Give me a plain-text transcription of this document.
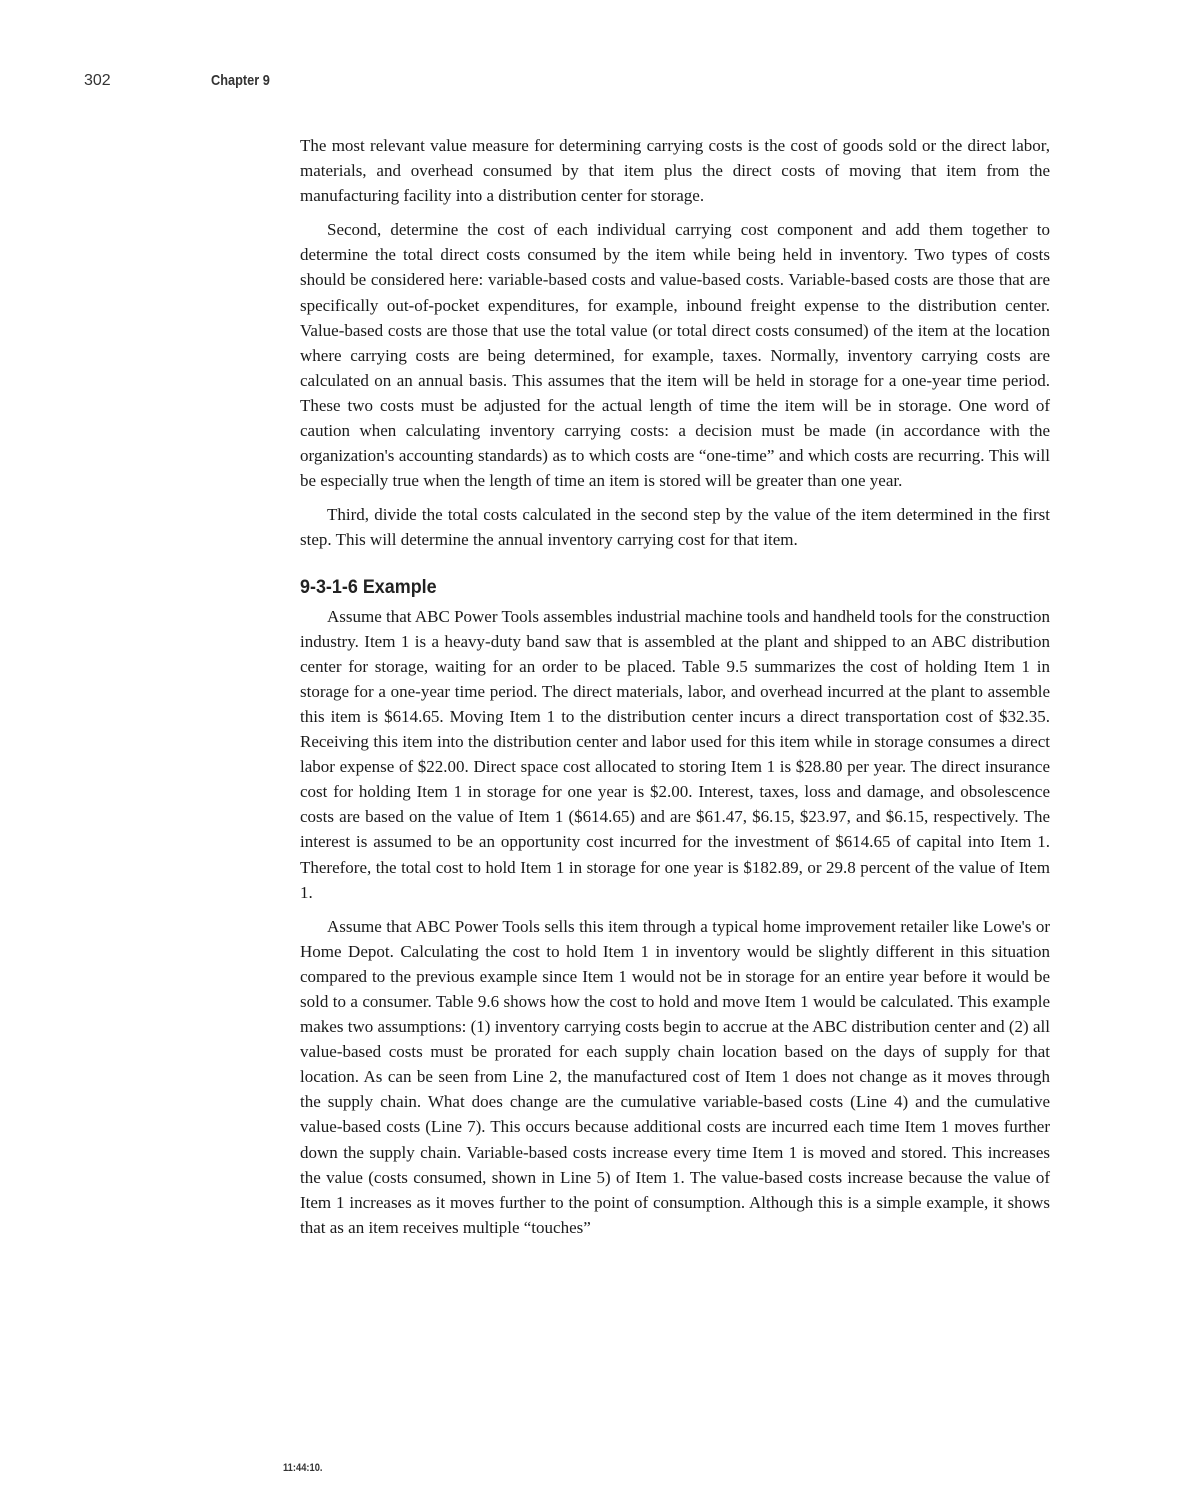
302	Chapter 9

The most relevant value measure for determining carrying costs is the cost of goods sold or the direct labor, materials, and overhead consumed by that item plus the direct costs of moving that item from the manufacturing facility into a distribution center for storage.

Second, determine the cost of each individual carrying cost component and add them together to determine the total direct costs consumed by the item while being held in inventory. Two types of costs should be considered here: variable-based costs and value-based costs. Variable-based costs are those that are specifically out-of-pocket expenditures, for example, inbound freight expense to the distribution center. Value-based costs are those that use the total value (or total direct costs consumed) of the item at the location where carrying costs are being determined, for example, taxes. Normally, inventory carrying costs are calculated on an annual basis. This assumes that the item will be held in storage for a one-year time period. These two costs must be adjusted for the actual length of time the item will be in storage. One word of caution when calculating inventory carrying costs: a decision must be made (in accordance with the organization's accounting standards) as to which costs are “one-time” and which costs are recurring. This will be especially true when the length of time an item is stored will be greater than one year.

Third, divide the total costs calculated in the second step by the value of the item determined in the first step. This will determine the annual inventory carrying cost for that item.

9-3-1-6 Example

Assume that ABC Power Tools assembles industrial machine tools and handheld tools for the construction industry. Item 1 is a heavy-duty band saw that is assembled at the plant and shipped to an ABC distribution center for storage, waiting for an order to be placed. Table 9.5 summarizes the cost of holding Item 1 in storage for a one-year time period. The direct materials, labor, and overhead incurred at the plant to assemble this item is $614.65. Moving Item 1 to the distribution center incurs a direct transportation cost of $32.35. Receiving this item into the distribution center and labor used for this item while in storage consumes a direct labor expense of $22.00. Direct space cost allocated to storing Item 1 is $28.80 per year. The direct insurance cost for holding Item 1 in storage for one year is $2.00. Interest, taxes, loss and damage, and obsolescence costs are based on the value of Item 1 ($614.65) and are $61.47, $6.15, $23.97, and $6.15, respectively. The interest is assumed to be an opportunity cost incurred for the investment of $614.65 of capital into Item 1. Therefore, the total cost to hold Item 1 in storage for one year is $182.89, or 29.8 percent of the value of Item 1.

Assume that ABC Power Tools sells this item through a typical home improvement retailer like Lowe's or Home Depot. Calculating the cost to hold Item 1 in inventory would be slightly different in this situation compared to the previous example since Item 1 would not be in storage for an entire year before it would be sold to a consumer. Table 9.6 shows how the cost to hold and move Item 1 would be calculated. This example makes two assumptions: (1) inventory carrying costs begin to accrue at the ABC distribution center and (2) all value-based costs must be prorated for each supply chain location based on the days of supply for that location. As can be seen from Line 2, the manufactured cost of Item 1 does not change as it moves through the supply chain. What does change are the cumulative variable-based costs (Line 4) and the cumulative value-based costs (Line 7). This occurs because additional costs are incurred each time Item 1 moves further down the supply chain. Variable-based costs increase every time Item 1 is moved and stored. This increases the value (costs consumed, shown in Line 5) of Item 1. The value-based costs increase because the value of Item 1 increases as it moves further to the point of consumption. Although this is a simple example, it shows that as an item receives multiple “touches”

11:44:10.
